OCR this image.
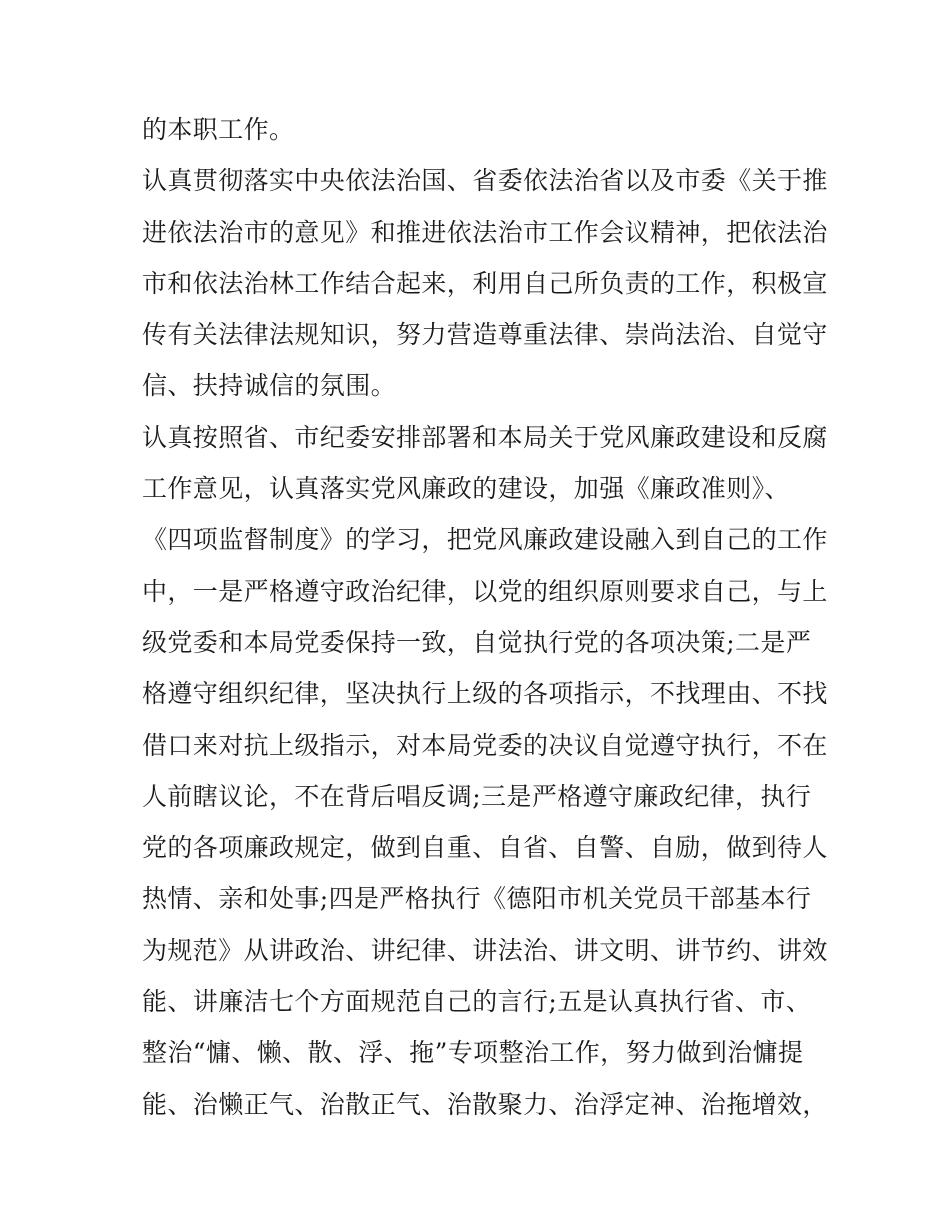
的本职工作。
认真贯彻落实中央依法治国、省委依法治省以及市委《关于推
进依法治市的意见》和推进依法治市工作会议精神，把依法治
市和依法治林工作结合起来，利用自己所负责的工作，积极宣
传有关法律法规知识，努力营造尊重法律、崇尚法治、自觉守
信、扶持诚信的氛围。
认真按照省、市纪委安排部署和本局关于党风廉政建设和反腐
工作意见，认真落实党风廉政的建设，加强《廉政准则》、
《四项监督制度》的学习，把党风廉政建设融入到自己的工作
中，一是严格遵守政治纪律，以党的组织原则要求自己，与上
级党委和本局党委保持一致，自觉执行党的各项决策;二是严
格遵守组织纪律，坚决执行上级的各项指示，不找理由、不找
借口来对抗上级指示，对本局党委的决议自觉遵守执行，不在
人前瞎议论，不在背后唱反调;三是严格遵守廉政纪律，执行
党的各项廉政规定，做到自重、自省、自警、自励，做到待人
热情、亲和处事;四是严格执行《德阳市机关党员干部基本行
为规范》从讲政治、讲纪律、讲法治、讲文明、讲节约、讲效
能、讲廉洁七个方面规范自己的言行;五是认真执行省、市、
整治“慵、懒、散、浮、拖”专项整治工作，努力做到治慵提
能、治懒正气、治散正气、治散聚力、治浮定神、治拖增效，
